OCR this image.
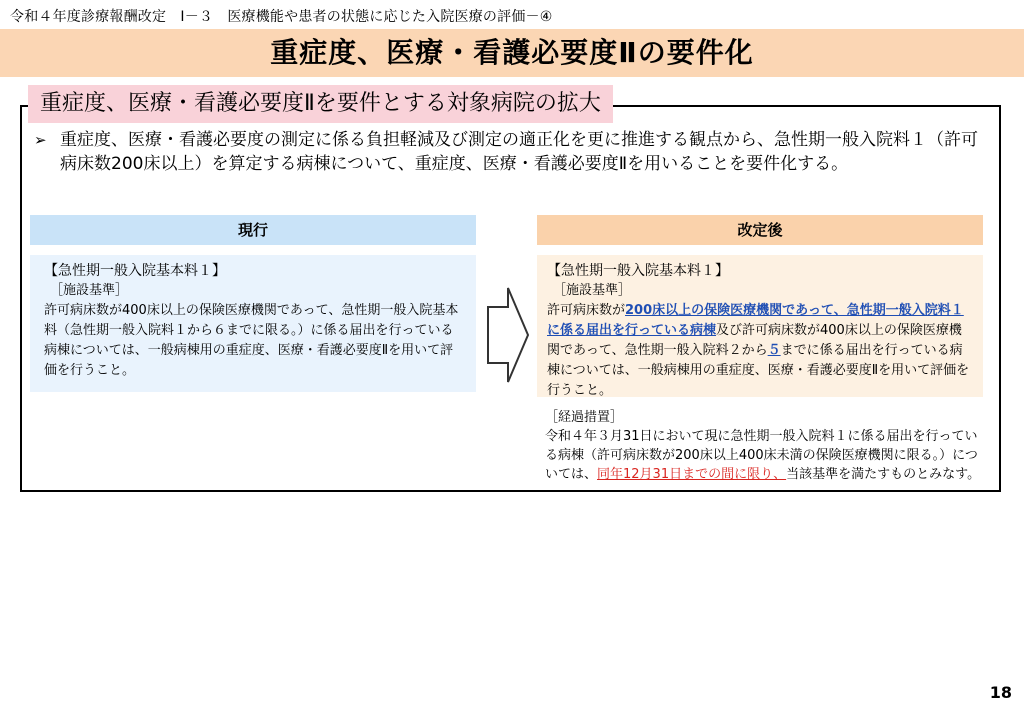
令和４年度診療報酬改定　Ⅰ－３　医療機能や患者の状態に応じた入院医療の評価－④
重症度、医療・看護必要度Ⅱの要件化
重症度、医療・看護必要度Ⅱを要件とする対象病院の拡大
➢ 重症度、医療・看護必要度の測定に係る負担軽減及び測定の適正化を更に推進する観点から、急性期一般入院料１（許可病床数200床以上）を算定する病棟について、重症度、医療・看護必要度Ⅱを用いることを要件化する。
現行	改定後
【急性期一般入院基本料１】
［施設基準］
許可病床数が400床以上の保険医療機関であって、急性期一般入院基本料（急性期一般入院料１から６までに限る。）に係る届出を行っている病棟については、一般病棟用の重症度、医療・看護必要度Ⅱを用いて評価を行うこと。
【急性期一般入院基本料１】
［施設基準］
許可病床数が200床以上の保険医療機関であって、急性期一般入院料１に係る届出を行っている病棟及び許可病床数が400床以上の保険医療機関であって、急性期一般入院料２から５までに係る届出を行っている病棟については、一般病棟用の重症度、医療・看護必要度Ⅱを用いて評価を行うこと。
［経過措置］
令和４年３月31日において現に急性期一般入院料１に係る届出を行っている病棟（許可病床数が200床以上400床未満の保険医療機関に限る。）については、同年12月31日までの間に限り、当該基準を満たすものとみなす。
18
